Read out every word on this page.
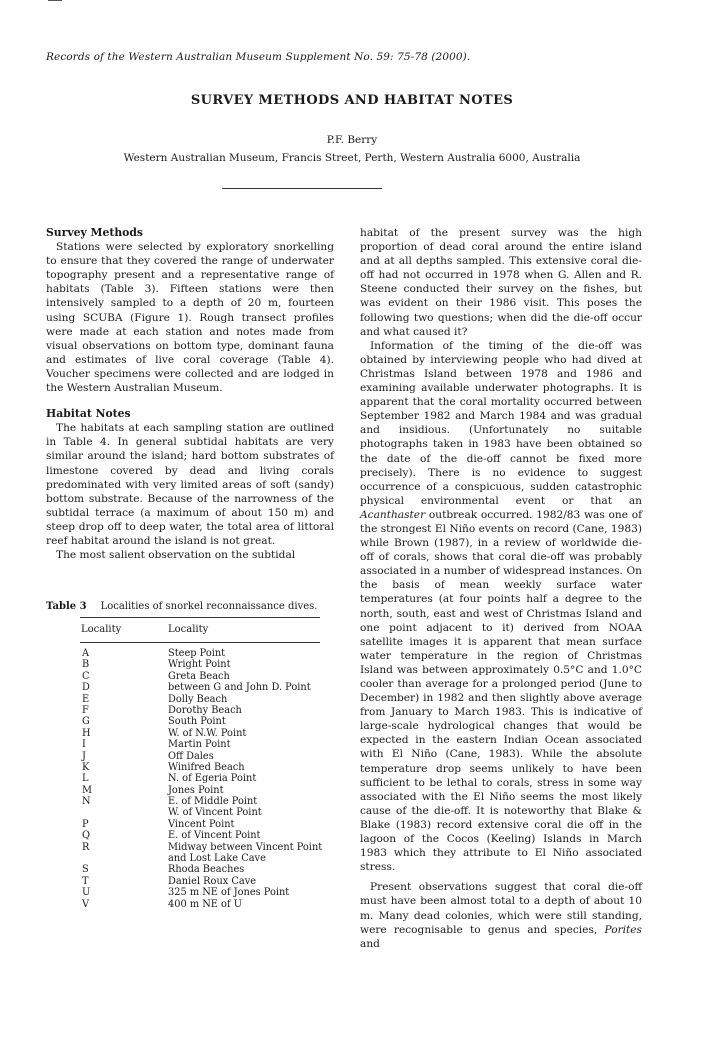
Records of the Western Australian Museum Supplement No. 59: 75-78 (2000).
SURVEY METHODS AND HABITAT NOTES
P.F. Berry
Western Australian Museum, Francis Street, Perth, Western Australia 6000, Australia
Survey Methods

Stations were selected by exploratory snorkelling to ensure that they covered the range of underwater topography present and a representative range of habitats (Table 3). Fifteen stations were then intensively sampled to a depth of 20 m, fourteen using SCUBA (Figure 1). Rough transect profiles were made at each station and notes made from visual observations on bottom type, dominant fauna and estimates of live coral coverage (Table 4). Voucher specimens were collected and are lodged in the Western Australian Museum.

Habitat Notes

The habitats at each sampling station are outlined in Table 4. In general subtidal habitats are very similar around the island; hard bottom substrates of limestone covered by dead and living corals predominated with very limited areas of soft (sandy) bottom substrate. Because of the narrowness of the subtidal terrace (a maximum of about 150 m) and steep drop off to deep water, the total area of littoral reef habitat around the island is not great.

The most salient observation on the subtidal

Table 3 Localities of snorkel reconnaissance dives.
Locality	Locality
A	Steep Point
B	Wright Point
C	Greta Beach
D	between G and John D. Point
E	Dolly Beach
F	Dorothy Beach
G	South Point
H	W. of N.W. Point
I	Martin Point
J	Off Dales
K	Winifred Beach
L	N. of Egeria Point
M	Jones Point
N	E. of Middle Point
W. of Vincent Point
P	Vincent Point
Q	E. of Vincent Point
R	Midway between Vincent Point
and Lost Lake Cave
S	Rhoda Beaches
T	Daniel Roux Cave
U	325 m NE of Jones Point
V	400 m NE of U

habitat of the present survey was the high proportion of dead coral around the entire island and at all depths sampled. This extensive coral die-off had not occurred in 1978 when G. Allen and R. Steene conducted their survey on the fishes, but was evident on their 1986 visit. This poses the following two questions; when did the die-off occur and what caused it?

Information of the timing of the die-off was obtained by interviewing people who had dived at Christmas Island between 1978 and 1986 and examining available underwater photographs. It is apparent that the coral mortality occurred between September 1982 and March 1984 and was gradual and insidious. (Unfortunately no suitable photographs taken in 1983 have been obtained so the date of the die-off cannot be fixed more precisely). There is no evidence to suggest occurrence of a conspicuous, sudden catastrophic physical environmental event or that an Acanthaster outbreak occurred. 1982/83 was one of the strongest El Niño events on record (Cane, 1983) while Brown (1987), in a review of worldwide die-off of corals, shows that coral die-off was probably associated in a number of widespread instances. On the basis of mean weekly surface water temperatures (at four points half a degree to the north, south, east and west of Christmas Island and one point adjacent to it) derived from NOAA satellite images it is apparent that mean surface water temperature in the region of Christmas Island was between approximately 0.5°C and 1.0°C cooler than average for a prolonged period (June to December) in 1982 and then slightly above average from January to March 1983. This is indicative of large-scale hydrological changes that would be expected in the eastern Indian Ocean associated with El Niño (Cane, 1983). While the absolute temperature drop seems unlikely to have been sufficient to be lethal to corals, stress in some way associated with the El Niño seems the most likely cause of the die-off. It is noteworthy that Blake & Blake (1983) record extensive coral die off in the lagoon of the Cocos (Keeling) Islands in March 1983 which they attribute to El Niño associated stress.

Present observations suggest that coral die-off must have been almost total to a depth of about 10 m. Many dead colonies, which were still standing, were recognisable to genus and species, Porites and
